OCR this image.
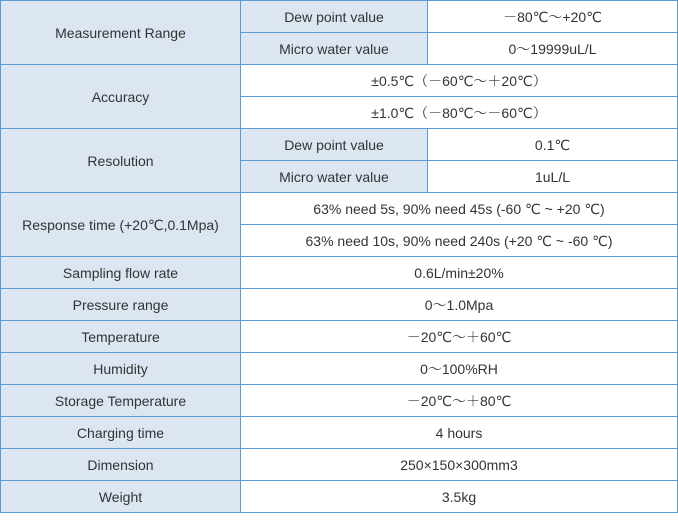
Measurement Range	Dew point value	－80℃～+20℃
	Micro water value	0～19999uL/L
Accuracy	±0.5℃（－60℃～＋20℃）	
	±1.0℃（－80℃～－60℃）	
Resolution	Dew point value	0.1℃
	Micro water value	1uL/L
Response time (+20℃,0.1Mpa)	63% need 5s, 90% need 45s (-60 ℃ ~ +20 ℃)	
	63% need 10s, 90% need 240s (+20 ℃ ~ -60 ℃)	
Sampling flow rate	0.6L/min±20%	
Pressure range	0～1.0Mpa	
Temperature	－20℃～＋60℃	
Humidity	0～100%RH	
Storage Temperature	－20℃～＋80℃	
Charging time	4 hours	
Dimension	250×150×300mm3	
Weight	3.5kg	
